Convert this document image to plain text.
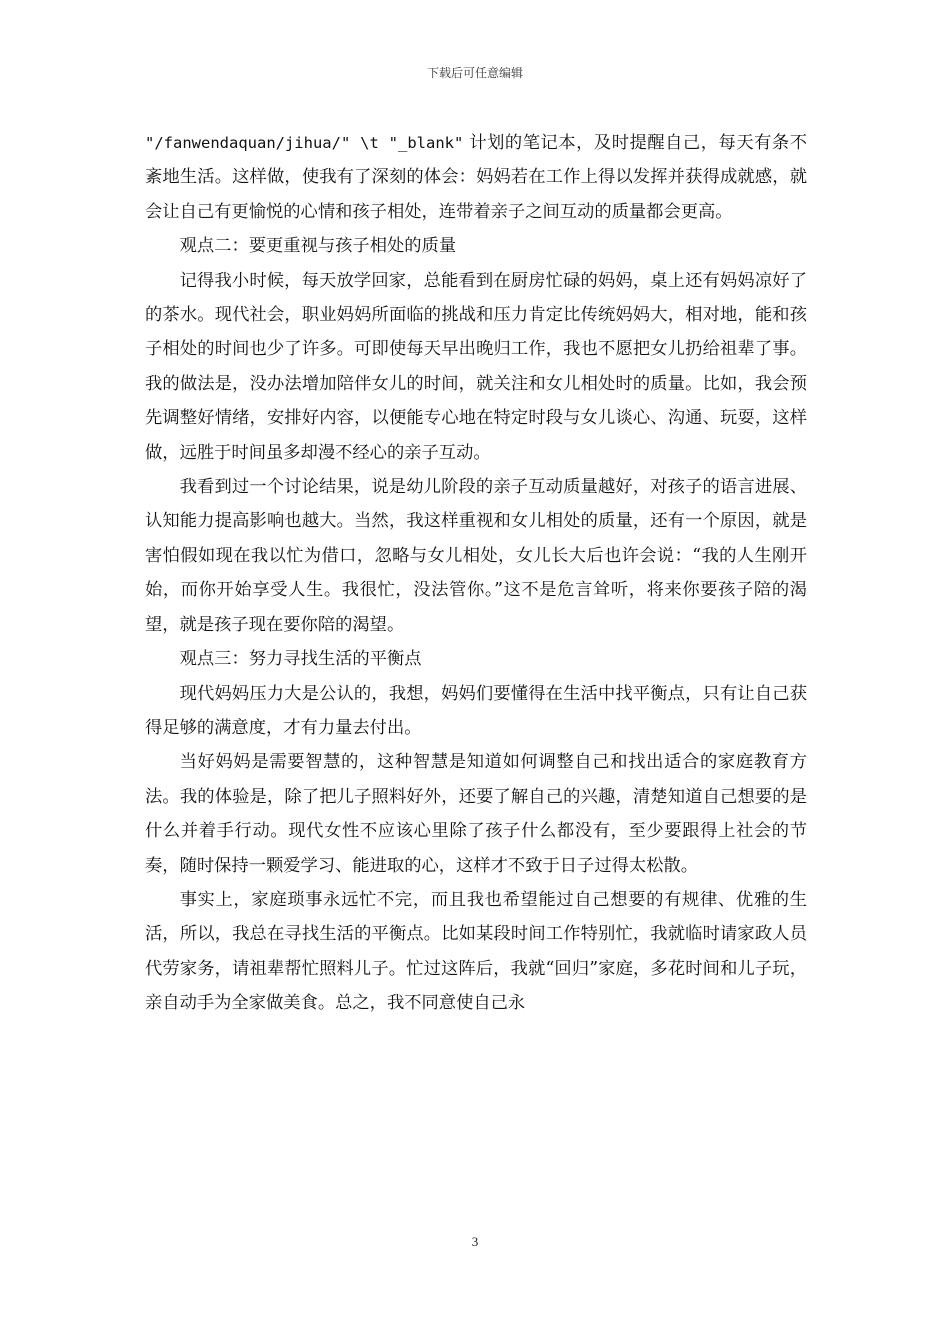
下载后可任意编辑

"/fanwendaquan/jihua/" \t "_blank" 计划的笔记本，及时提醒自己，每天有条不紊地生活。这样做，使我有了深刻的体会：妈妈若在工作上得以发挥并获得成就感，就会让自己有更愉悦的心情和孩子相处，连带着亲子之间互动的质量都会更高。

观点二：要更重视与孩子相处的质量

记得我小时候，每天放学回家，总能看到在厨房忙碌的妈妈，桌上还有妈妈凉好了的茶水。现代社会，职业妈妈所面临的挑战和压力肯定比传统妈妈大，相对地，能和孩子相处的时间也少了许多。可即使每天早出晚归工作，我也不愿把女儿扔给祖辈了事。我的做法是，没办法增加陪伴女儿的时间，就关注和女儿相处时的质量。比如，我会预先调整好情绪，安排好内容，以便能专心地在特定时段与女儿谈心、沟通、玩耍，这样做，远胜于时间虽多却漫不经心的亲子互动。

我看到过一个讨论结果，说是幼儿阶段的亲子互动质量越好，对孩子的语言进展、认知能力提高影响也越大。当然，我这样重视和女儿相处的质量，还有一个原因，就是害怕假如现在我以忙为借口，忽略与女儿相处，女儿长大后也许会说：“我的人生刚开始，而你开始享受人生。我很忙，没法管你。”这不是危言耸听，将来你要孩子陪的渴望，就是孩子现在要你陪的渴望。

观点三：努力寻找生活的平衡点

现代妈妈压力大是公认的，我想，妈妈们要懂得在生活中找平衡点，只有让自己获得足够的满意度，才有力量去付出。

当好妈妈是需要智慧的，这种智慧是知道如何调整自己和找出适合的家庭教育方法。我的体验是，除了把儿子照料好外，还要了解自己的兴趣，清楚知道自己想要的是什么并着手行动。现代女性不应该心里除了孩子什么都没有，至少要跟得上社会的节奏，随时保持一颗爱学习、能进取的心，这样才不致于日子过得太松散。

事实上，家庭琐事永远忙不完，而且我也希望能过自己想要的有规律、优雅的生活，所以，我总在寻找生活的平衡点。比如某段时间工作特别忙，我就临时请家政人员代劳家务，请祖辈帮忙照料儿子。忙过这阵后，我就“回归”家庭，多花时间和儿子玩，亲自动手为全家做美食。总之，我不同意使自己永

3
